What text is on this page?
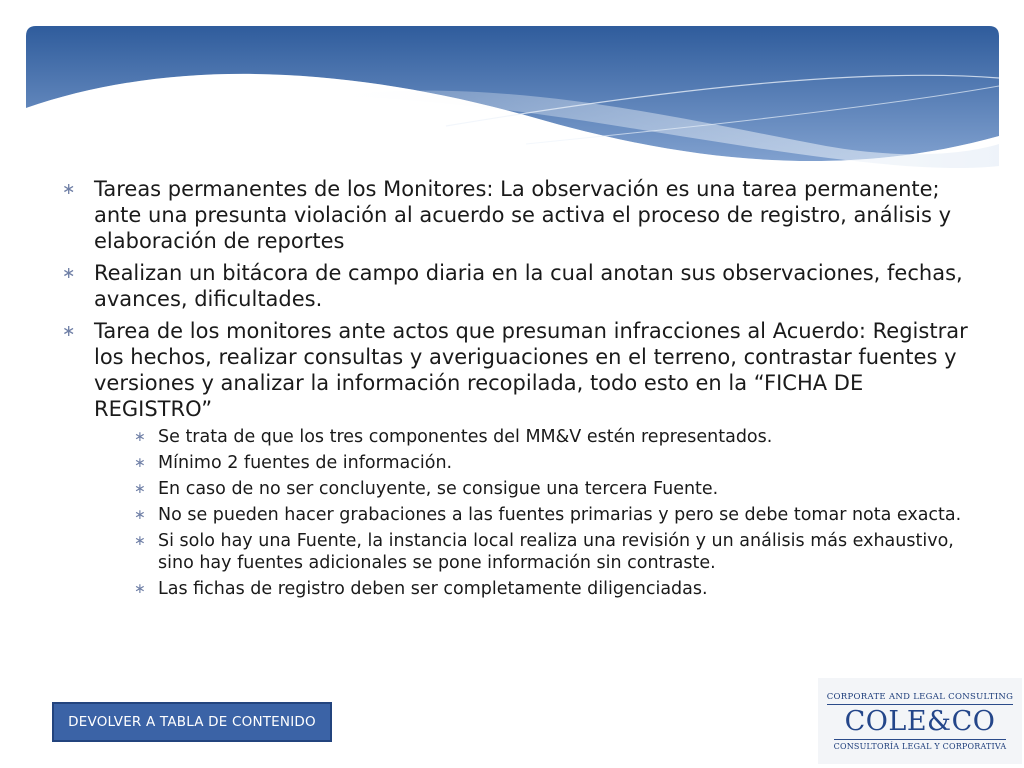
∗ Tareas permanentes de los Monitores: La observación es una tarea permanente; ante una presunta violación al acuerdo se activa el proceso de registro, análisis y elaboración de reportes
∗ Realizan un bitácora de campo diaria en la cual anotan sus observaciones, fechas, avances, dificultades.
∗ Tarea de los monitores ante actos que presuman infracciones al Acuerdo: Registrar los hechos, realizar consultas y averiguaciones en el terreno, contrastar fuentes y versiones y analizar la información recopilada, todo esto en la “FICHA DE REGISTRO”
∗ Se trata de que los tres componentes del MM&V estén representados.
∗ Mínimo 2 fuentes de información.
∗ En caso de no ser concluyente, se consigue una tercera Fuente.
∗ No se pueden hacer grabaciones a las fuentes primarias y pero se debe tomar nota exacta.
∗ Si solo hay una Fuente, la instancia local realiza una revisión y un análisis más exhaustivo, sino hay fuentes adicionales se pone información sin contraste.
∗ Las fichas de registro deben ser completamente diligenciadas.
DEVOLVER A TABLA DE CONTENIDO
CORPORATE AND LEGAL CONSULTING
COLE&CO
CONSULTORÍA LEGAL Y CORPORATIVA
